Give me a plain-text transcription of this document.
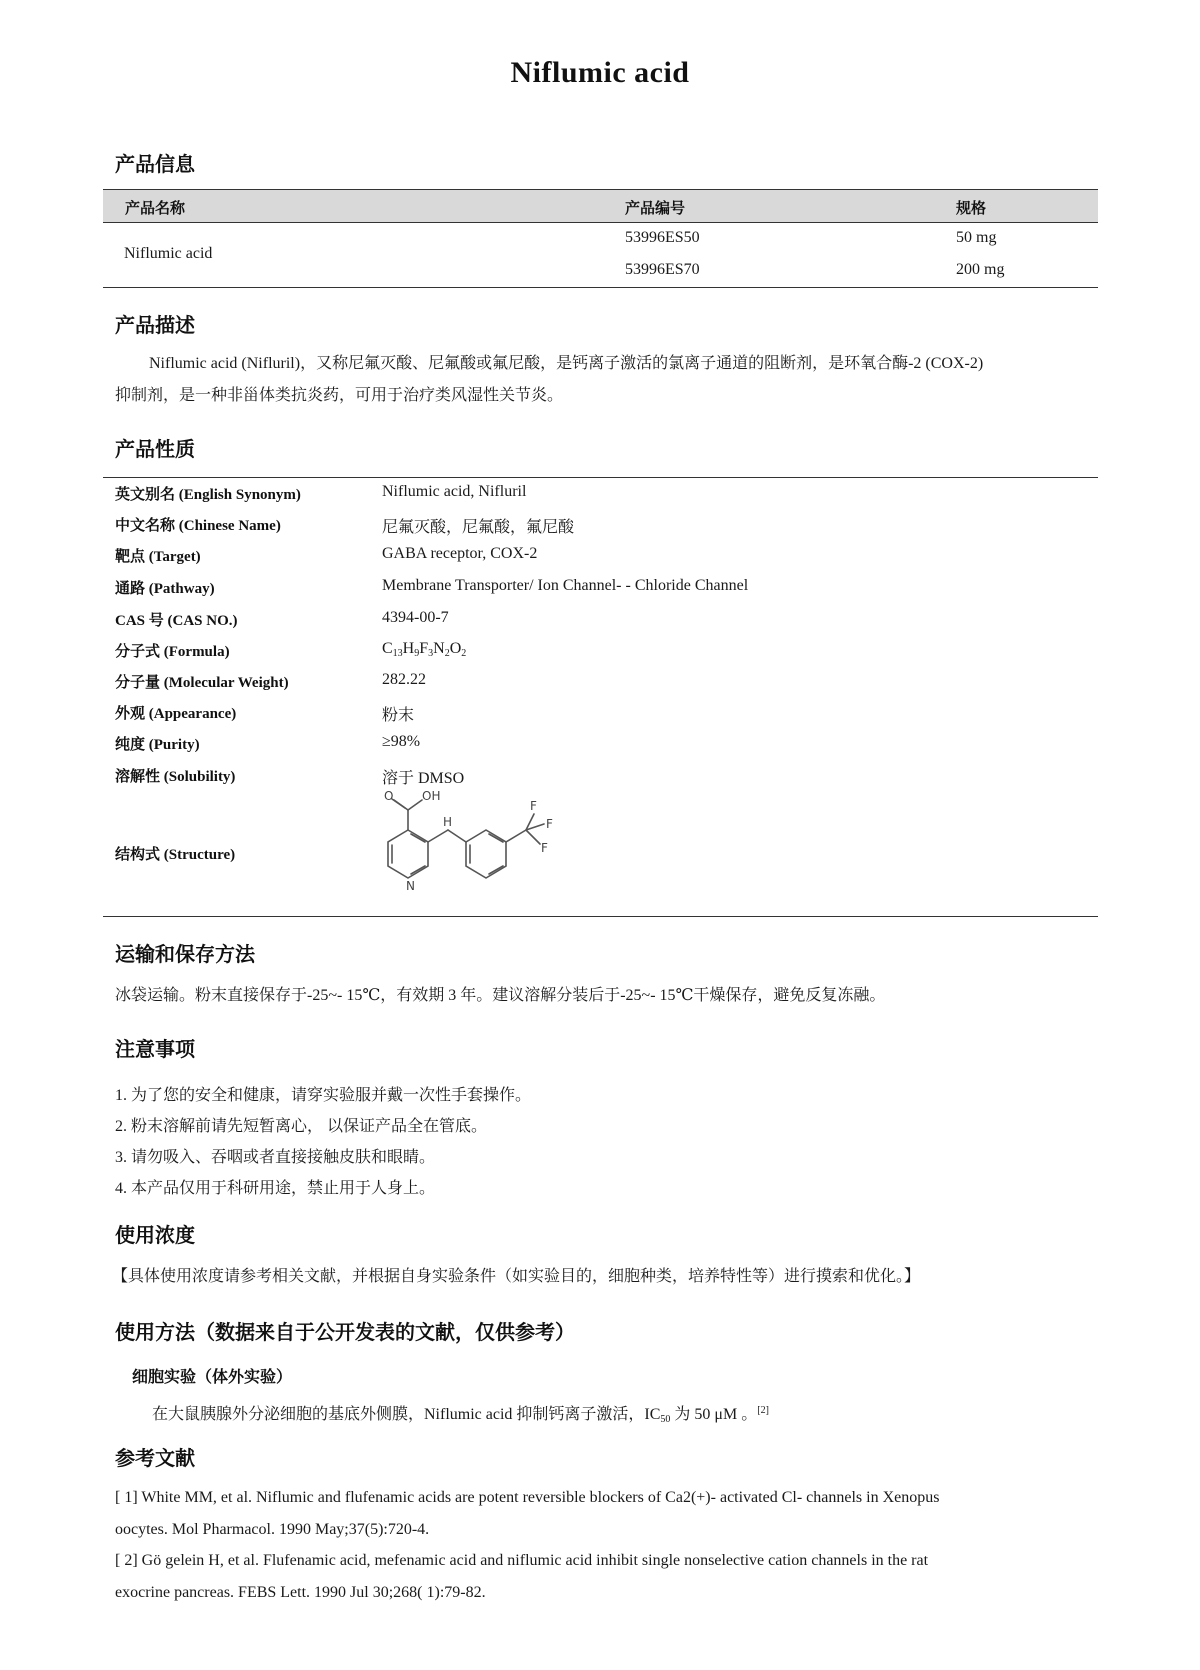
Niflumic acid
产品信息
产品名称	产品编号	规格
Niflumic acid
53996ES50	50 mg
53996ES70	200 mg
产品描述
Niflumic acid (Nifluril)，又称尼氟灭酸、尼氟酸或氟尼酸，是钙离子激活的氯离子通道的阻断剂，是环氧合酶-2 (COX-2)
抑制剂，是一种非甾体类抗炎药，可用于治疗类风湿性关节炎。
产品性质
英文别名 (English Synonym)	Niflumic acid, Nifluril
中文名称 (Chinese Name)	尼氟灭酸，尼氟酸，氟尼酸
靶点 (Target)	GABA receptor, COX-2
通路 (Pathway)	Membrane Transporter/ Ion Channel- - Chloride Channel
CAS 号 (CAS NO.)	4394-00-7
分子式 (Formula)	$C_{13}H_9F_3N_2O_2$
分子量 (Molecular Weight)	282.22
外观 (Appearance)	粉末
纯度 (Purity)	≥98%
溶解性 (Solubility)	溶于 DMSO
结构式 (Structure)
O OH
H
N
F
F
F
运输和保存方法
冰袋运输。粉末直接保存于-25~- 15℃，有效期 3 年。建议溶解分装后于-25~- 15℃干燥保存，避免反复冻融。
注意事项
1. 为了您的安全和健康，请穿实验服并戴一次性手套操作。
2. 粉末溶解前请先短暂离心， 以保证产品全在管底。
3. 请勿吸入、吞咽或者直接接触皮肤和眼睛。
4. 本产品仅用于科研用途，禁止用于人身上。
使用浓度
【具体使用浓度请参考相关文献，并根据自身实验条件（如实验目的，细胞种类，培养特性等）进行摸索和优化。】
使用方法（数据来自于公开发表的文献，仅供参考）
细胞实验（体外实验）
在大鼠胰腺外分泌细胞的基底外侧膜，Niflumic acid 抑制钙离子激活，$IC_{50}$ 为 50 μM 。[2]
参考文献
[ 1] White MM, et al. Niflumic and flufenamic acids are potent reversible blockers of Ca2(+)- activated Cl- channels in Xenopus
oocytes. Mol Pharmacol. 1990 May;37(5):720-4.
[ 2] Gö gelein H, et al. Flufenamic acid, mefenamic acid and niflumic acid inhibit single nonselective cation channels in the rat
exocrine pancreas. FEBS Lett. 1990 Jul 30;268( 1):79-82.
